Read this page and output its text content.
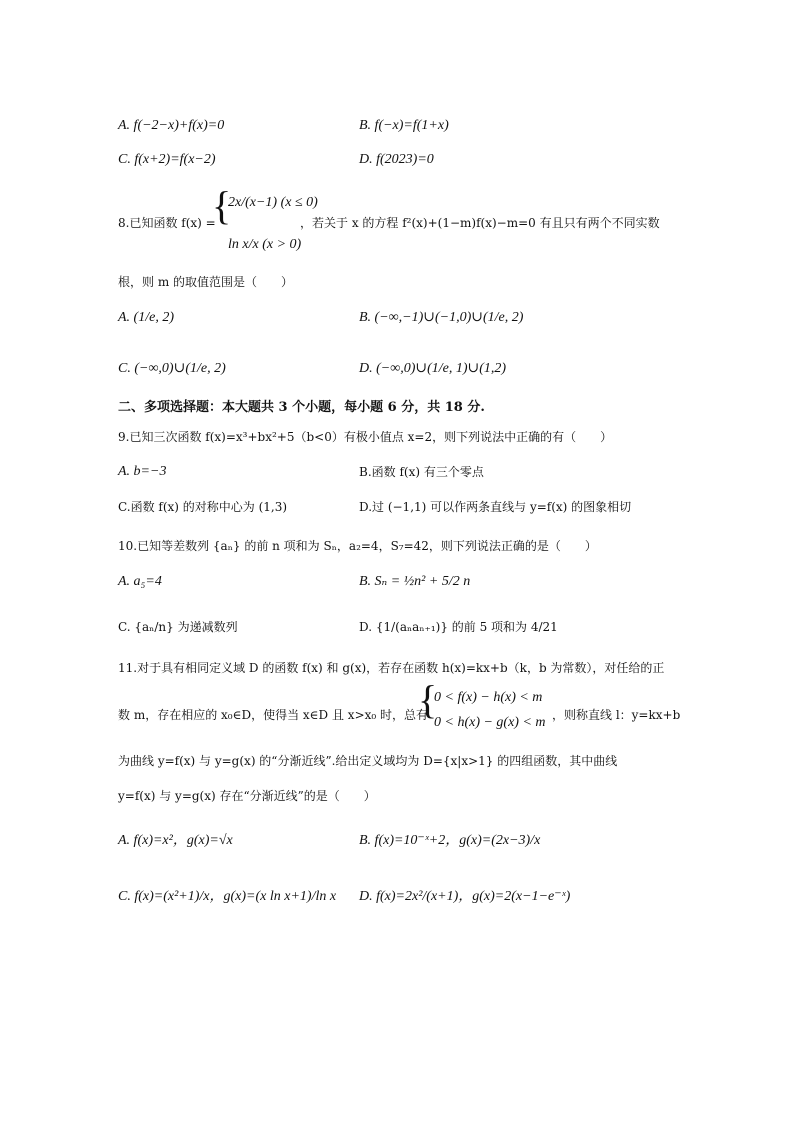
A. f(−2−x)+f(x)=0	B. f(−x)=f(1+x)
C. f(x+2)=f(x−2)	D. f(2023)=0
8.已知函数 f(x) =
{
2x/(x−1) (x ≤ 0)
ln x/x (x > 0)
，若关于 x 的方程 f²(x)+(1−m)f(x)−m=0 有且只有两个不同实数
根，则 m 的取值范围是（　　）
A. (1/e, 2)	B. (−∞,−1)∪(−1,0)∪(1/e, 2)
C. (−∞,0)∪(1/e, 2)	D. (−∞,0)∪(1/e, 1)∪(1,2)
二、多项选择题：本大题共 3 个小题，每小题 6 分，共 18 分.
9.已知三次函数 f(x)=x³+bx²+5（b<0）有极小值点 x=2，则下列说法中正确的有（　　）
A. b=−3	B.函数 f(x) 有三个零点
C.函数 f(x) 的对称中心为 (1,3)	D.过 (−1,1) 可以作两条直线与 y=f(x) 的图象相切
10.已知等差数列 {aₙ} 的前 n 项和为 Sₙ，a₂=4，S₇=42，则下列说法正确的是（　　）
A. a₅=4	B. Sₙ = ½n² + 5/2 n
C. {aₙ/n} 为递减数列	D. {1/(aₙaₙ₊₁)} 的前 5 项和为 4/21
11.对于具有相同定义域 D 的函数 f(x) 和 g(x)，若存在函数 h(x)=kx+b（k，b 为常数），对任给的正
数 m，存在相应的 x₀∈D，使得当 x∈D 且 x>x₀ 时，总有
{
0 < f(x) − h(x) < m
0 < h(x) − g(x) < m ，则称直线 l：y=kx+b
为曲线 y=f(x) 与 y=g(x) 的“分渐近线”.给出定义域均为 D={x|x>1} 的四组函数，其中曲线
y=f(x) 与 y=g(x) 存在“分渐近线”的是（　　）
A. f(x)=x²，g(x)=√x	B. f(x)=10⁻ˣ+2，g(x)=(2x−3)/x
C. f(x)=(x²+1)/x，g(x)=(x ln x+1)/ln x D. f(x)=2x²/(x+1)，g(x)=2(x−1−e⁻ˣ)
